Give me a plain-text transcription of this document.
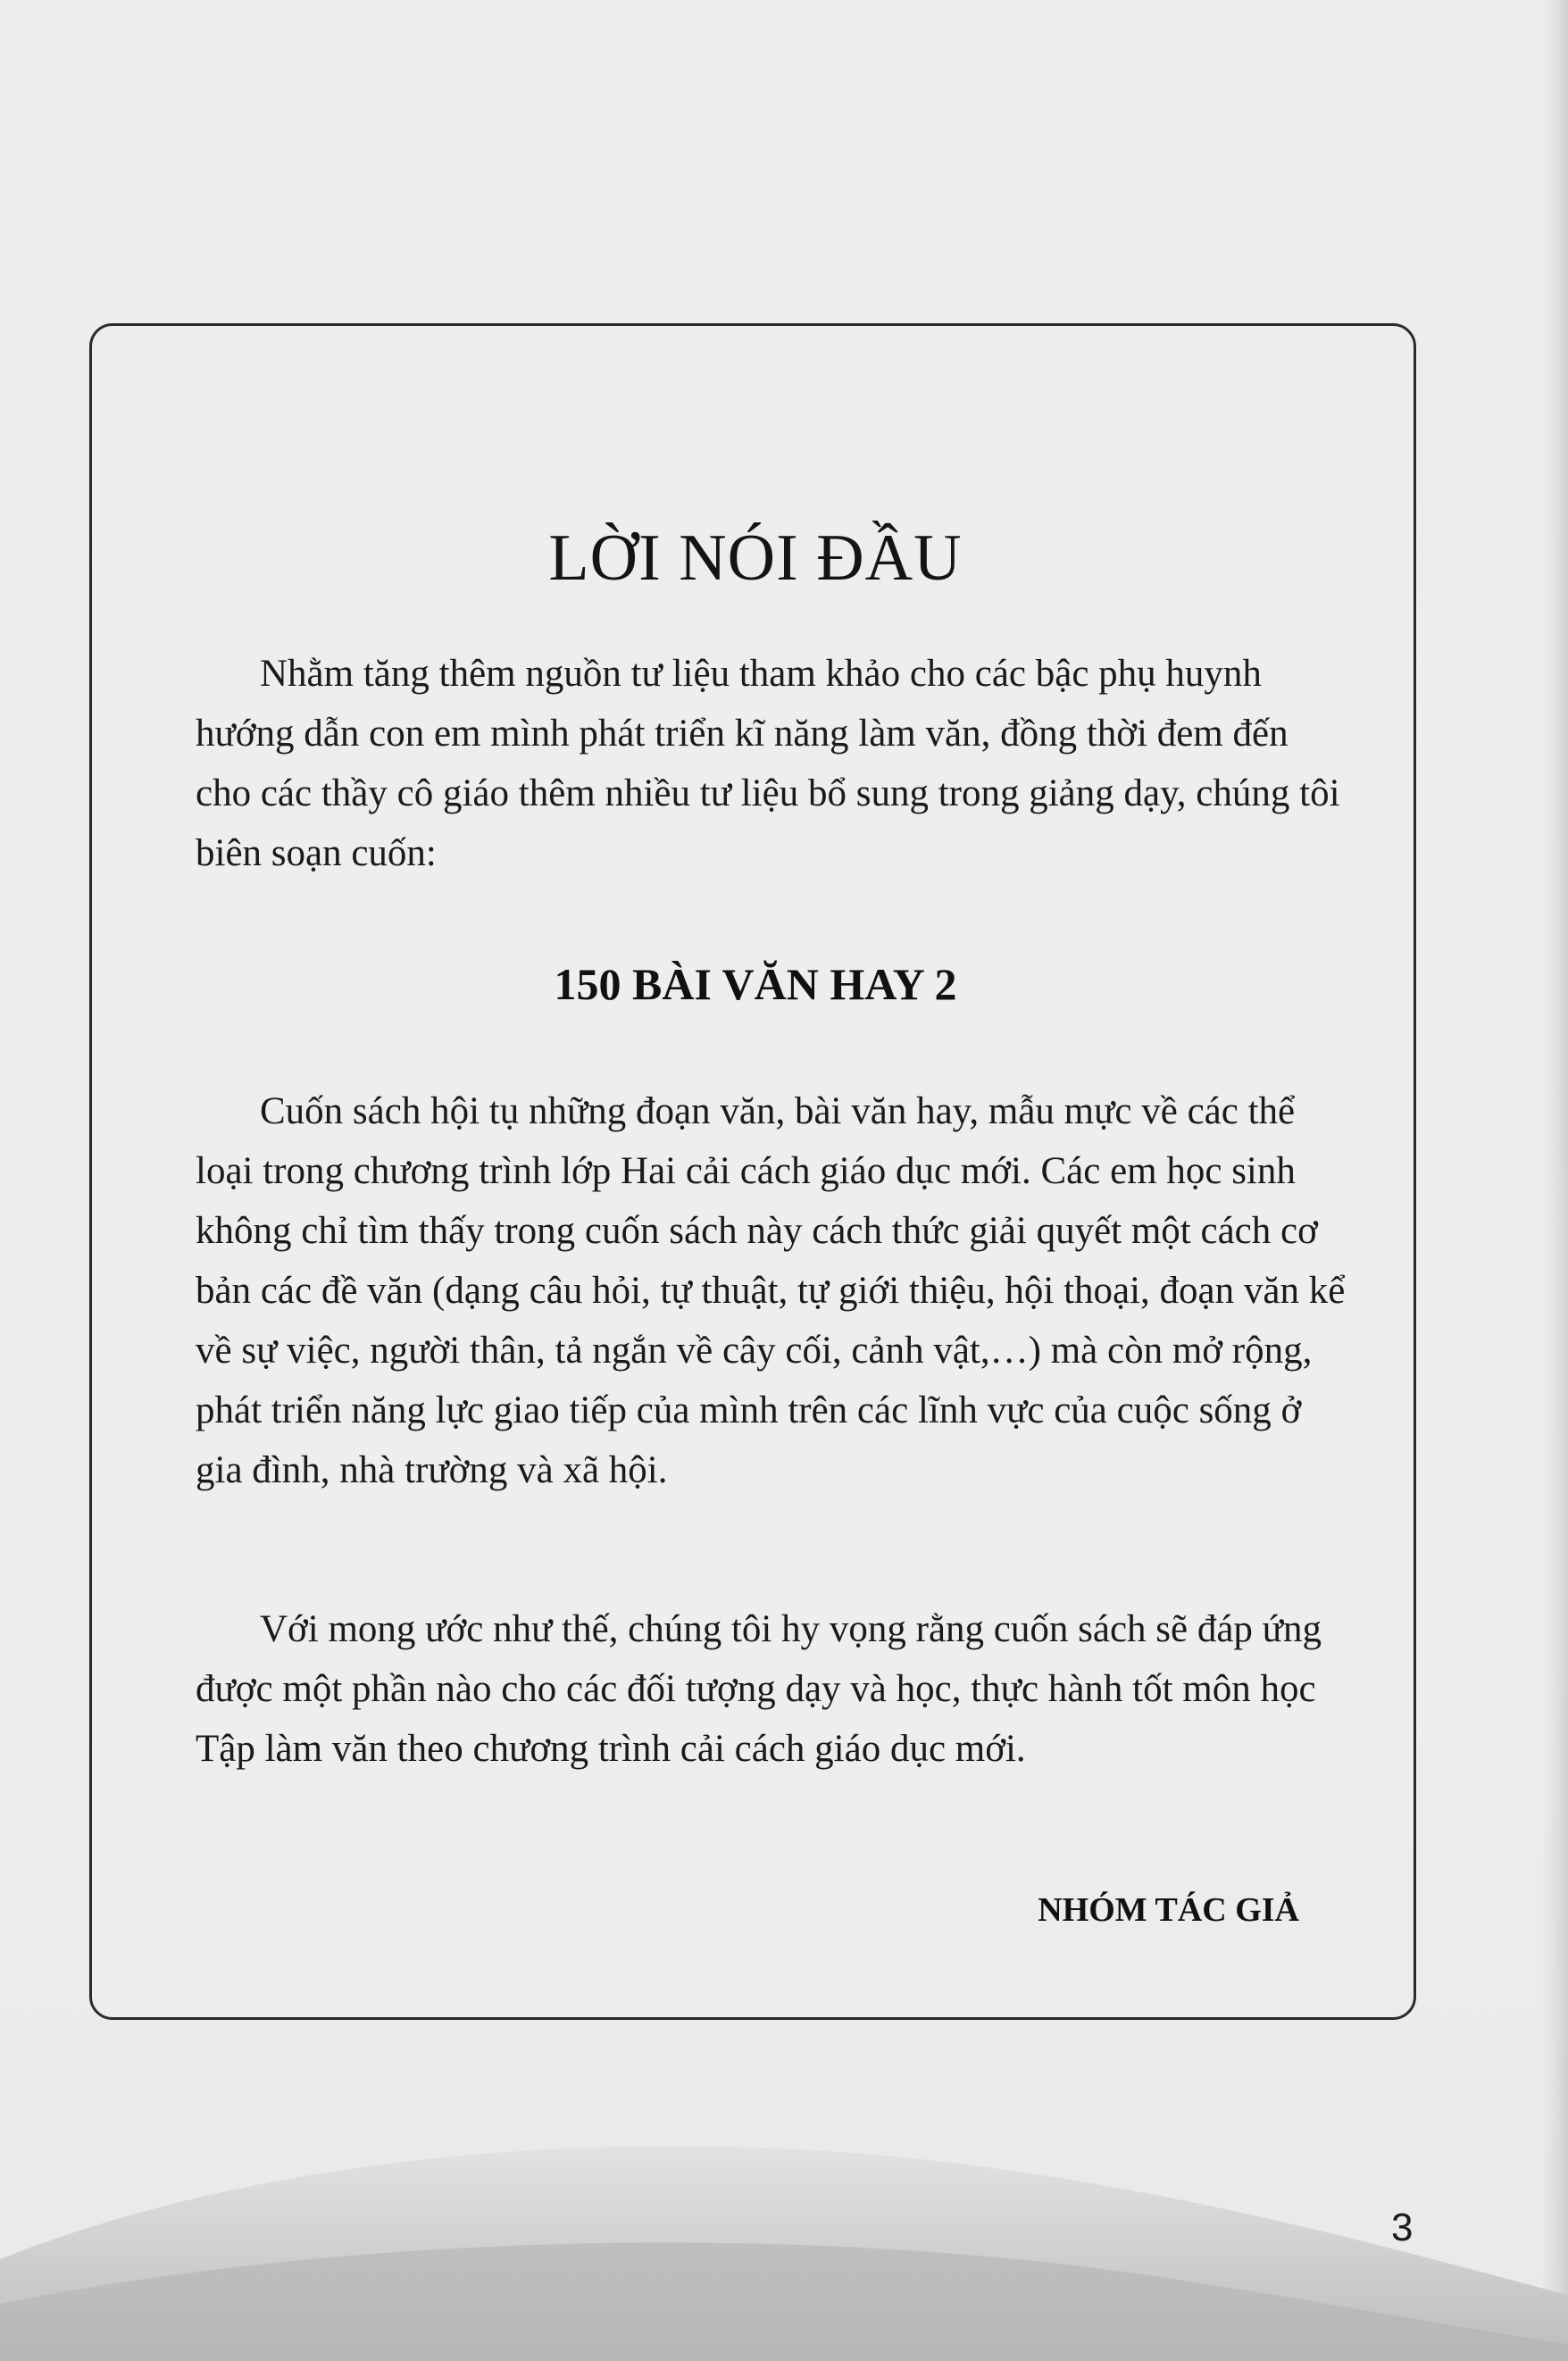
LỜI NÓI ĐẦU

Nhằm tăng thêm nguồn tư liệu tham khảo cho các bậc phụ huynh hướng dẫn con em mình phát triển kĩ năng làm văn, đồng thời đem đến cho các thầy cô giáo thêm nhiều tư liệu bổ sung trong giảng dạy, chúng tôi biên soạn cuốn:

150 BÀI VĂN HAY 2

Cuốn sách hội tụ những đoạn văn, bài văn hay, mẫu mực về các thể loại trong chương trình lớp Hai cải cách giáo dục mới. Các em học sinh không chỉ tìm thấy trong cuốn sách này cách thức giải quyết một cách cơ bản các đề văn (dạng câu hỏi, tự thuật, tự giới thiệu, hội thoại, đoạn văn kể về sự việc, người thân, tả ngắn về cây cối, cảnh vật,…) mà còn mở rộng, phát triển năng lực giao tiếp của mình trên các lĩnh vực của cuộc sống ở gia đình, nhà trường và xã hội.

Với mong ước như thế, chúng tôi hy vọng rằng cuốn sách sẽ đáp ứng được một phần nào cho các đối tượng dạy và học, thực hành tốt môn học Tập làm văn theo chương trình cải cách giáo dục mới.

NHÓM TÁC GIẢ

3
